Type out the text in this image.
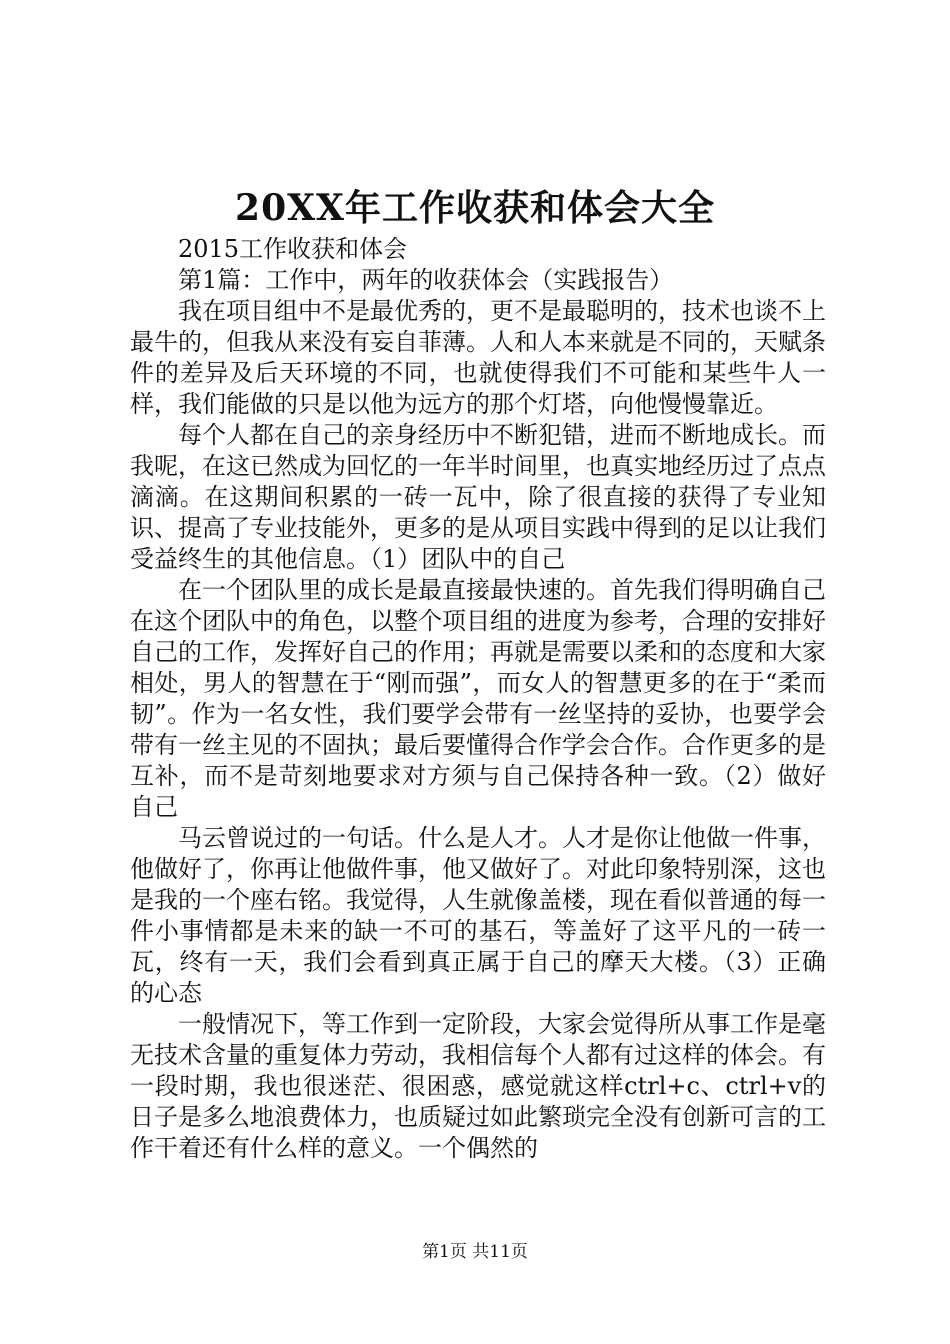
20XX年工作收获和体会大全

2015工作收获和体会

第1篇：工作中，两年的收获体会（实践报告）

我在项目组中不是最优秀的，更不是最聪明的，技术也谈不上最牛的，但我从来没有妄自菲薄。人和人本来就是不同的，天赋条件的差异及后天环境的不同，也就使得我们不可能和某些牛人一样，我们能做的只是以他为远方的那个灯塔，向他慢慢靠近。

每个人都在自己的亲身经历中不断犯错，进而不断地成长。而我呢，在这已然成为回忆的一年半时间里，也真实地经历过了点点滴滴。在这期间积累的一砖一瓦中，除了很直接的获得了专业知识、提高了专业技能外，更多的是从项目实践中得到的足以让我们受益终生的其他信息。（1）团队中的自己

在一个团队里的成长是最直接最快速的。首先我们得明确自己在这个团队中的角色，以整个项目组的进度为参考，合理的安排好自己的工作，发挥好自己的作用；再就是需要以柔和的态度和大家相处，男人的智慧在于“刚而强”，而女人的智慧更多的在于“柔而韧”。作为一名女性，我们要学会带有一丝坚持的妥协，也要学会带有一丝主见的不固执；最后要懂得合作学会合作。合作更多的是互补，而不是苛刻地要求对方须与自己保持各种一致。（2）做好自己

马云曾说过的一句话。什么是人才。人才是你让他做一件事，他做好了，你再让他做件事，他又做好了。对此印象特别深，这也是我的一个座右铭。我觉得，人生就像盖楼，现在看似普通的每一件小事情都是未来的缺一不可的基石，等盖好了这平凡的一砖一瓦，终有一天，我们会看到真正属于自己的摩天大楼。（3）正确的心态

一般情况下，等工作到一定阶段，大家会觉得所从事工作是毫无技术含量的重复体力劳动，我相信每个人都有过这样的体会。有一段时期，我也很迷茫、很困惑，感觉就这样ctrl+c、ctrl+v的日子是多么地浪费体力，也质疑过如此繁琐完全没有创新可言的工作干着还有什么样的意义。一个偶然的

第1页 共11页
